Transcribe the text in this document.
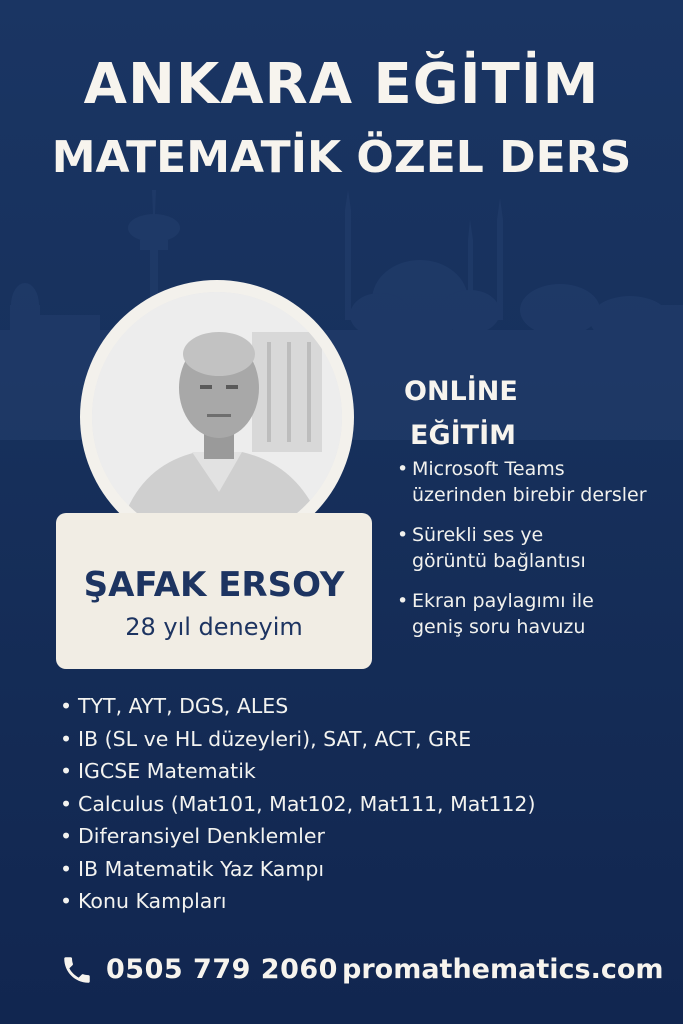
ANKARA EĞİTİM
MATEMATİK ÖZEL DERS
ŞAFAK ERSOY
28 yıl deneyim
ONLİNE
EĞİTİM
• Microsoft Teams
üzerinden birebir dersler
• Sürekli ses ye
görüntü bağlantısı
• Ekran paylagımı ile
geniş soru havuzu
• TYT, AYT, DGS, ALES
• IB (SL ve HL düzeyleri), SAT, ACT, GRE
• IGCSE Matematik
• Calculus (Mat101, Mat102, Mat111, Mat112)
• Diferansiyel Denklemler
• IB Matematik Yaz Kampı
• Konu Kampları
0505 779 2060 promathematics.com
